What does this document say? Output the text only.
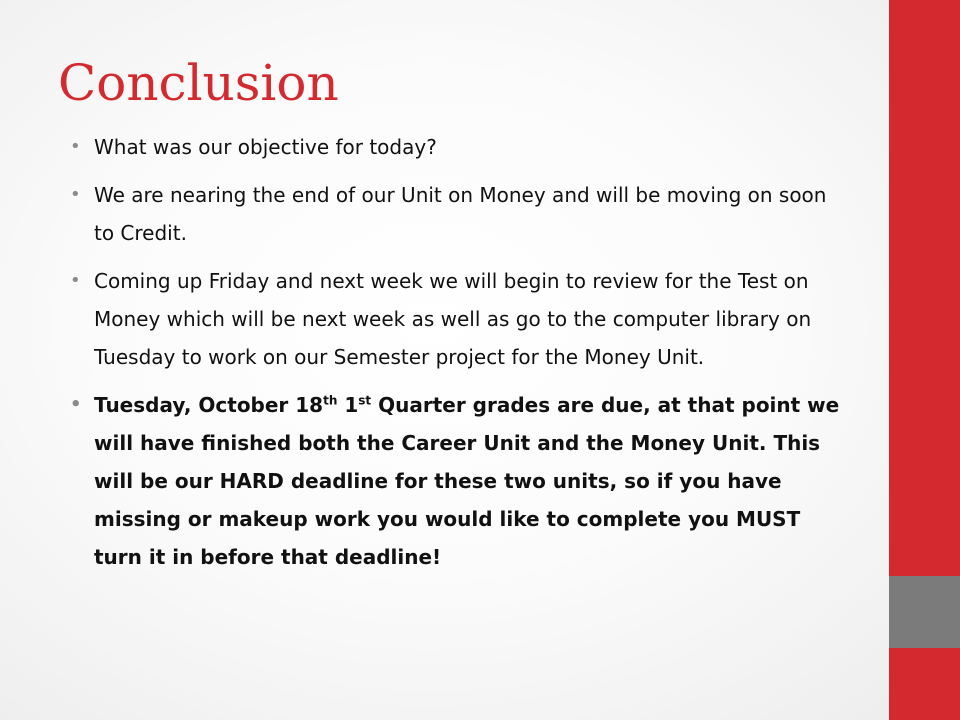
Conclusion
• What was our objective for today?
• We are nearing the end of our Unit on Money and will be moving on soon to Credit.
• Coming up Friday and next week we will begin to review for the Test on Money which will be next week as well as go to the computer library on Tuesday to work on our Semester project for the Money Unit.
• Tuesday, October 18th 1st Quarter grades are due, at that point we will have finished both the Career Unit and the Money Unit. This will be our HARD deadline for these two units, so if you have missing or makeup work you would like to complete you MUST turn it in before that deadline!
